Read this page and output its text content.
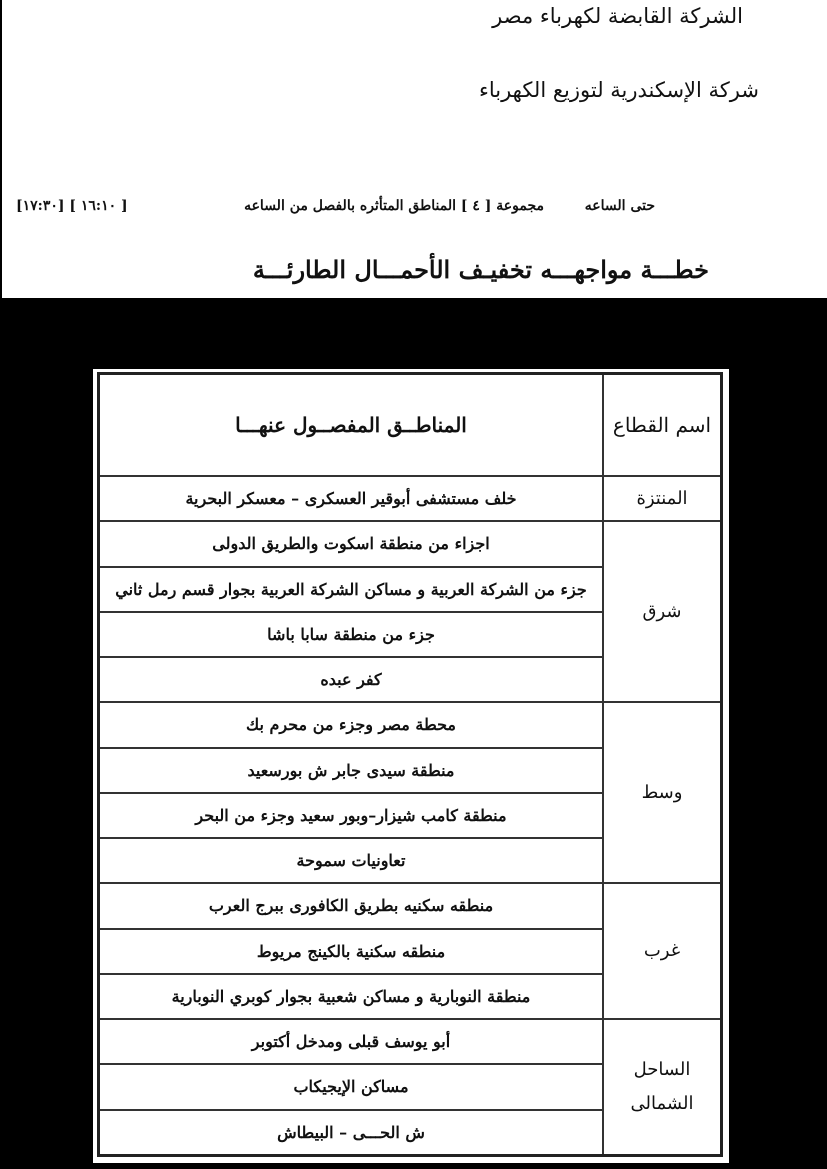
الشركة القابضة لكهرباء مصر
شركة الإسكندرية لتوزيع الكهرباء
مجموعة [ ٤ ] المناطق المتأثره بالفصل من الساعه	حتى الساعه
[١٧:٣٠] [ ١٦:١٠ ]
خطـــة مواجهـــه تخفيـف الأحمـــال الطارئـــة
اسم القطاع	المناطــق المفصــول عنهـــا
المنتزة	خلف مستشفى أبوقير العسكرى – معسكر البحرية
شرق	اجزاء من منطقة اسكوت والطريق الدولى
	جزء من الشركة العربية و مساكن الشركة العربية بجوار قسم رمل ثاني
	جزء من منطقة سابا باشا
	كفر عبده
وسط	محطة مصر وجزء من محرم بك
	منطقة سيدى جابر ش بورسعيد
	منطقة كامب شيزار–وبور سعيد وجزء من البحر
	تعاونيات سموحة
غرب	منطقه سكنيه بطريق الكافورى ببرج العرب
	منطقه سكنية بالكينج مريوط
	منطقة النوبارية و مساكن شعبية بجوار كوبري النوبارية
الساحل الشمالى	أبو يوسف قبلى ومدخل أكتوبر
	مساكن الإيجيكاب
	ش الحـــى – البيطاش
